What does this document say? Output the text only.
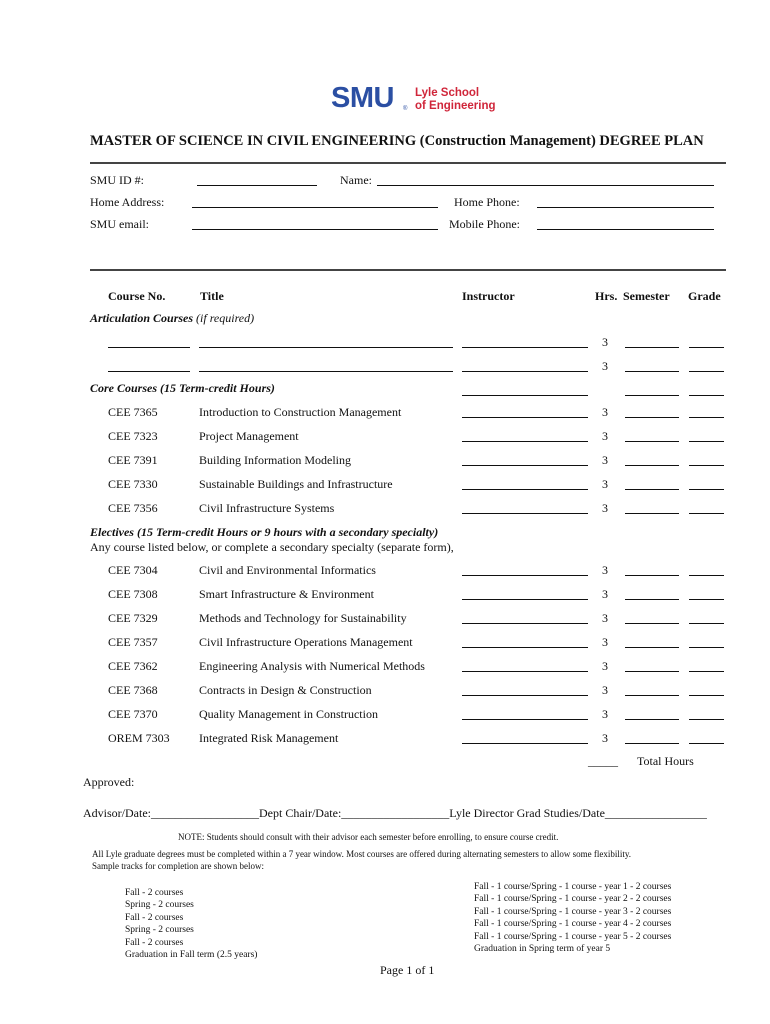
SMU ®
Lyle School
of Engineering
MASTER OF SCIENCE IN CIVIL ENGINEERING (Construction Management) DEGREE PLAN
SMU ID #:	Name:
Home Address:	Home Phone:
SMU email:	Mobile Phone:
Course No.	Title	Instructor	Hrs. Semester Grade
Articulation Courses (if required)
3
3
Core Courses (15 Term-credit Hours)
CEE 7365	Introduction to Construction Management	3
CEE 7323	Project Management	3
CEE 7391	Building Information Modeling	3
CEE 7330	Sustainable Buildings and Infrastructure	3
CEE 7356	Civil Infrastructure Systems	3
Electives (15 Term-credit Hours or 9 hours with a secondary specialty)
Any course listed below, or complete a secondary specialty (separate form),
CEE 7304	Civil and Environmental Informatics	3
CEE 7308	Smart Infrastructure & Environment	3
CEE 7329	Methods and Technology for Sustainability	3
CEE 7357	Civil Infrastructure Operations Management	3
CEE 7362	Engineering Analysis with Numerical Methods	3
CEE 7368	Contracts in Design & Construction	3
CEE 7370	Quality Management in Construction	3
OREM 7303 Integrated Risk Management	3
_____ Total Hours
Approved:
Advisor/Date:__________________Dept Chair/Date:__________________Lyle Director Grad Studies/Date_________________
NOTE: Students should consult with their advisor each semester before enrolling, to ensure course credit.
All Lyle graduate degrees must be completed within a 7 year window. Most courses are offered during alternating semesters to allow some flexibility.
Sample tracks for completion are shown below:
Fall - 2 courses
Spring - 2 courses
Fall - 2 courses
Spring - 2 courses
Fall - 2 courses
Graduation in Fall term (2.5 years)
Fall - 1 course/Spring - 1 course - year 1 - 2 courses
Fall - 1 course/Spring - 1 course - year 2 - 2 courses
Fall - 1 course/Spring - 1 course - year 3 - 2 courses
Fall - 1 course/Spring - 1 course - year 4 - 2 courses
Fall - 1 course/Spring - 1 course - year 5 - 2 courses
Graduation in Spring term of year 5
Page 1 of 1
